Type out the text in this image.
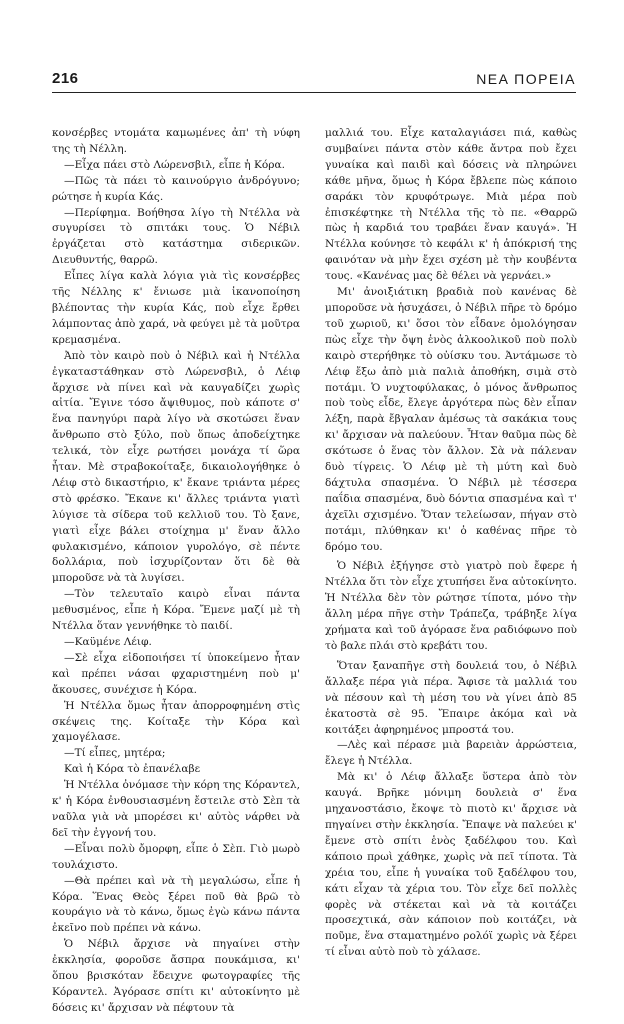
216	ΝΕΑ ΠΟΡΕΙΑ

κονσέρβες ντομάτα καμωμένες ἀπ' τὴ νύφη της τὴ Νέλλη.

—Εἶχα πάει στὸ Λώρενσβιλ, εἶπε ἡ Κόρα.

—Πῶς τὰ πάει τὸ καινούργιο ἀνδρόγυνο; ρώτησε ἡ κυρία Κάς.

—Περίφημα. Βοήθησα λίγο τὴ Ντέλλα νὰ συγυρίσει τὸ σπιτάκι τους. Ὁ Νέβιλ ἐργάζεται στὸ κατάστημα σιδερικῶν. Διευθυντής, θαρρῶ.

Εἶπες λίγα καλὰ λόγια γιὰ τὶς κονσέρβες τῆς Νέλλης κ' ἔνιωσε μιὰ ἱκανοποίηση βλέποντας τὴν κυρία Κάς, ποὺ εἶχε ἔρθει λάμποντας ἀπὸ χαρά, νὰ φεύγει μὲ τὰ μοῦτρα κρεμασμένα.

Ἀπὸ τὸν καιρὸ ποὺ ὁ Νέβιλ καὶ ἡ Ντέλλα ἐγκαταστάθηκαν στὸ Λώρενσβιλ, ὁ Λέιφ ἄρχισε νὰ πίνει καὶ νὰ καυγαδίζει χωρὶς αἰτία. Ἔγινε τόσο ἄψιθυμος, ποὺ κάποτε σ' ἕνα πανηγύρι παρὰ λίγο νὰ σκοτώσει ἕναν ἄνθρωπο στὸ ξύλο, ποὺ ὅπως ἀποδείχτηκε τελικά, τὸν εἶχε ρωτήσει μονάχα τί ὥρα ἦταν. Μὲ στραβοκοίταξε, δικαιολογήθηκε ὁ Λέιφ στὸ δικαστήριο, κ' ἔκανε τριάντα μέρες στὸ φρέσκο. Ἔκανε κι' ἄλλες τριάντα γιατὶ λύγισε τὰ σίδερα τοῦ κελλιοῦ του. Τὸ ξανε, γιατὶ εἶχε βάλει στοίχημα μ' ἕναν ἄλλο φυλακισμένο, κάποιον γυρολόγο, σὲ πέντε δολλάρια, ποὺ ἰσχυρίζονταν ὅτι δὲ θὰ μποροῦσε νὰ τὰ λυγίσει.

—Τὸν τελευταῖο καιρὸ εἶναι πάντα μεθυσμένος, εἶπε ἡ Κόρα. Ἔμενε μαζί μὲ τὴ Ντέλλα ὅταν γεννήθηκε τὸ παιδί.

—Καϋμένε Λέιφ.

—Σὲ εἶχα εἰδοποιήσει τί ὑποκείμενο ἦταν καὶ πρέπει νάσαι φχαριστημένη ποὺ μ' ἄκουσες, συνέχισε ἡ Κόρα.

Ἡ Ντέλλα ὅμως ἦταν ἀπορροφημένη στὶς σκέψεις της. Κοίταξε τὴν Κόρα καὶ χαμογέλασε.

—Τί εἶπες, μητέρα;

Καὶ ἡ Κόρα τὸ ἐπανέλαβε

Ἡ Ντέλλα ὀνόμασε τὴν κόρη της Κόραντελ, κ' ἡ Κόρα ἐνθουσιασμένη ἔστειλε στὸ Σὲπ τὰ ναῦλα γιὰ νὰ μπορέσει κι' αὐτὸς νάρθει νὰ δεῖ τὴν ἐγγονή του.

—Εἶναι πολὺ ὄμορφη, εἶπε ὁ Σὲπ. Γιὸ μωρὸ τουλάχιστο.

—Θὰ πρέπει καὶ νὰ τὴ μεγαλώσω, εἶπε ἡ Κόρα. Ἕνας Θεὸς ξέρει ποῦ θὰ βρῶ τὸ κουράγιο νὰ τὸ κάνω, ὅμως ἐγὼ κάνω πάντα ἐκεῖνο ποὺ πρέπει νὰ κάνω.

Ὁ Νέβιλ ἄρχισε νὰ πηγαίνει στὴν ἐκκλησία, φοροῦσε ἄσπρα πουκάμισα, κι' ὅπου βρισκόταν ἔδειχνε φωτογραφίες τῆς Κόραντελ. Ἀγόρασε σπίτι κι' αὐτοκίνητο μὲ δόσεις κι' ἄρχισαν νὰ πέφτουν τὰ

μαλλιά του. Εἶχε καταλαγιάσει πιά, καθὼς συμβαίνει πάντα στὸν κάθε ἄντρα ποὺ ἔχει γυναίκα καὶ παιδὶ καὶ δόσεις νὰ πληρώνει κάθε μῆνα, ὅμως ἡ Κόρα ἔβλεπε πὼς κάποιο σαράκι τὸν κρυφότρωγε. Μιὰ μέρα ποὺ ἐπισκέφτηκε τὴ Ντέλλα τῆς τὸ πε. «Θαρρῶ πὼς ἡ καρδιά του τραβάει ἕναν καυγά». Ἡ Ντέλλα κούνησε τὸ κεφάλι κ' ἡ ἀπόκρισή της φαινόταν νὰ μὴν ἔχει σχέση μὲ τὴν κουβέντα τους. «Κανένας μας δὲ θέλει νὰ γερνάει.»

Μι' ἀνοιξιάτικη βραδιὰ ποὺ κανένας δὲ μποροῦσε νὰ ἡσυχάσει, ὁ Νέβιλ πῆρε τὸ δρόμο τοῦ χωριοῦ, κι' ὅσοι τὸν εἶδανε ὁμολόγησαν πὼς εἶχε τὴν ὄψη ἑνὸς ἀλκοολικοῦ ποὺ πολὺ καιρὸ στερήθηκε τὸ οὐίσκυ του. Ἀντάμωσε τὸ Λέιφ ἔξω ἀπὸ μιὰ παλιὰ ἀποθήκη, σιμὰ στὸ ποτάμι. Ὁ νυχτοφύλακας, ὁ μόνος ἄνθρωπος ποὺ τοὺς εἶδε, ἔλεγε ἀργότερα πὼς δὲν εἶπαν λέξη, παρὰ ἔβγαλαν ἀμέσως τὰ σακάκια τους κι' ἄρχισαν νὰ παλεύουν. Ἦταν θαῦμα πὼς δὲ σκότωσε ὁ ἕνας τὸν ἄλλον. Σὰ νὰ πάλεναν δυὸ τίγρεις. Ὁ Λέιφ μὲ τὴ μύτη καὶ δυὸ δάχτυλα σπασμένα. Ὁ Νέβιλ μὲ τέσσερα παΐδια σπασμένα, δυὸ δόντια σπασμένα καὶ τ' ἀχεῖλι σχισμένο. Ὅταν τελείωσαν, πήγαν στὸ ποτάμι, πλύθηκαν κι' ὁ καθένας πῆρε τὸ δρόμο του.

Ὁ Νέβιλ ἐξήγησε στὸ γιατρὸ ποὺ ἔφερε ἡ Ντέλλα ὅτι τὸν εἶχε χτυπήσει ἕνα αὐτοκίνητο. Ἡ Ντέλλα δὲν τὸν ρώτησε τίποτα, μόνο τὴν ἄλλη μέρα πῆγε στὴν Τράπεζα, τράβηξε λίγα χρήματα καὶ τοῦ ἀγόρασε ἕνα ραδιόφωνο ποὺ τὸ βαλε πλάι στὸ κρεβάτι του.

Ὅταν ξαναπῆγε στὴ δουλειά του, ὁ Νέβιλ ἄλλαξε πέρα γιὰ πέρα. Ἄφισε τὰ μαλλιά του νὰ πέσουν καὶ τὴ μέση του νὰ γίνει ἀπὸ 85 ἑκατοστὰ σὲ 95. Ἔπαιρε ἀκόμα καὶ νὰ κοιτάξει ἀφηρημένος μπροστά του.

—Λὲς καὶ πέρασε μιὰ βαρειὰν ἀρρώστεια, ἔλεγε ἡ Ντέλλα.

Μὰ κι' ὁ Λέιφ ἄλλαξε ὕστερα ἀπὸ τὸν καυγά. Βρῆκε μόνιμη δουλειὰ σ' ἕνα μηχανοστάσιο, ἔκοψε τὸ πιοτὸ κι' ἄρχισε νὰ πηγαίνει στὴν ἐκκλησία. Ἔπαψε νὰ παλεύει κ' ἔμενε στὸ σπίτι ἑνὸς ξαδέλφου του. Καὶ κάποιο πρωὶ χάθηκε, χωρὶς νὰ πεῖ τίποτα. Τὰ χρέια του, εἶπε ἡ γυναίκα τοῦ ξαδέλφου του, κάτι εἶχαν τὰ χέρια του. Τὸν εἶχε δεῖ πολλὲς φορὲς νὰ στέκεται καὶ νὰ τὰ κοιτάζει προσεχτικά, σὰν κάποιον ποὺ κοιτάζει, νὰ ποῦμε, ἕνα σταματημένο ρολόϊ χωρὶς νὰ ξέρει τί εἶναι αὐτὸ ποὺ τὸ χάλασε.
